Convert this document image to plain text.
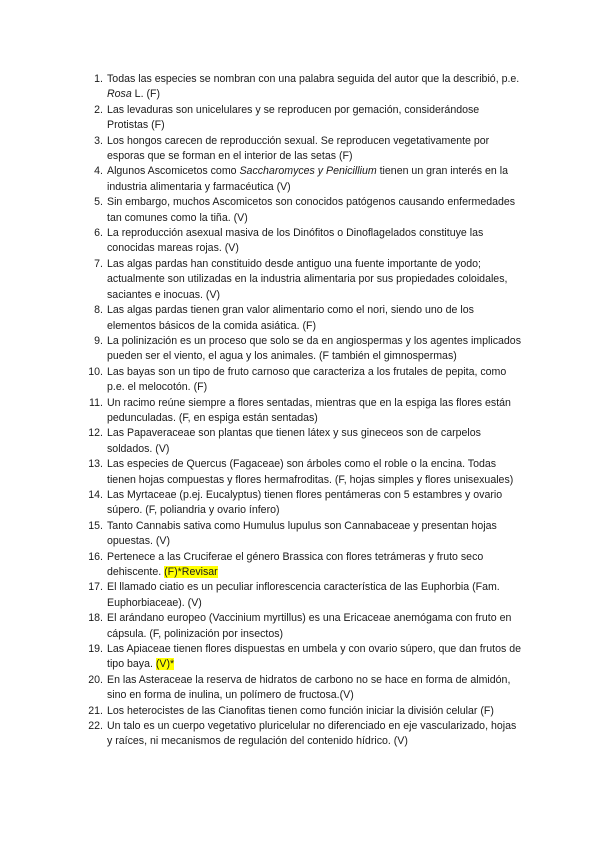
1. Todas las especies se nombran con una palabra seguida del autor que la describió, p.e. Rosa L. (F)
2. Las levaduras son unicelulares y se reproducen por gemación, considerándose Protistas (F)
3. Los hongos carecen de reproducción sexual. Se reproducen vegetativamente por esporas que se forman en el interior de las setas (F)
4. Algunos Ascomicetos como Saccharomyces y Penicillium tienen un gran interés en la industria alimentaria y farmacéutica (V)
5. Sin embargo, muchos Ascomicetos son conocidos patógenos causando enfermedades tan comunes como la tiña. (V)
6. La reproducción asexual masiva de los Dinófitos o Dinoflagelados constituye las conocidas mareas rojas. (V)
7. Las algas pardas han constituido desde antiguo una fuente importante de yodo; actualmente son utilizadas en la industria alimentaria por sus propiedades coloidales, saciantes e inocuas. (V)
8. Las algas pardas tienen gran valor alimentario como el nori, siendo uno de los elementos básicos de la comida asiática. (F)
9. La polinización es un proceso que solo se da en angiospermas y los agentes implicados pueden ser el viento, el agua y los animales. (F también el gimnospermas)
10. Las bayas son un tipo de fruto carnoso que caracteriza a los frutales de pepita, como p.e. el melocotón. (F)
11. Un racimo reúne siempre a flores sentadas, mientras que en la espiga las flores están pedunculadas. (F, en espiga están sentadas)
12. Las Papaveraceae son plantas que tienen látex y sus gineceos son de carpelos soldados. (V)
13. Las especies de Quercus (Fagaceae) son árboles como el roble o la encina. Todas tienen hojas compuestas y flores hermafroditas. (F, hojas simples y flores unisexuales)
14. Las Myrtaceae (p.ej. Eucalyptus) tienen flores pentámeras con 5 estambres y ovario súpero. (F, poliandria y ovario ínfero)
15. Tanto Cannabis sativa como Humulus lupulus son Cannabaceae y presentan hojas opuestas. (V)
16. Pertenece a las Cruciferae el género Brassica con flores tetrámeras y fruto seco dehiscente. (F)*Revisar
17. El llamado ciatio es un peculiar inflorescencia característica de las Euphorbia (Fam. Euphorbiaceae). (V)
18. El arándano europeo (Vaccinium myrtillus) es una Ericaceae anemógama con fruto en cápsula. (F, polinización por insectos)
19. Las Apiaceae tienen flores dispuestas en umbela y con ovario súpero, que dan frutos de tipo baya. (V)*
20. En las Asteraceae la reserva de hidratos de carbono no se hace en forma de almidón, sino en forma de inulina, un polímero de fructosa.(V)
21. Los heterocistes de las Cianofitas tienen como función iniciar la división celular (F)
22. Un talo es un cuerpo vegetativo pluricelular no diferenciado en eje vascularizado, hojas y raíces, ni mecanismos de regulación del contenido hídrico. (V)
